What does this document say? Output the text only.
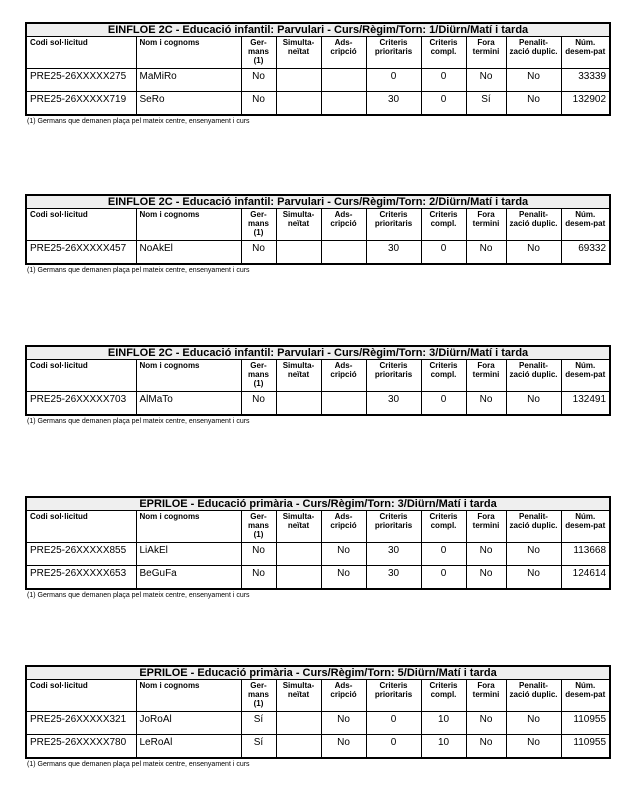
EINFLOE 2C - Educació infantil: Parvulari - Curs/Règim/Torn: 1/Diürn/Matí i tarda									
Codi sol·licitud	Nom i cognoms	Ger-mans (1)	Simulta-neïtat	Ads-cripció	Criteris prioritaris	Criteris compl.	Fora termini	Penalit-zació duplic.	Núm. desem-pat
PRE25-26XXXXX275	MaMiRo	No			0	0	No	No	33339
PRE25-26XXXXX719	SeRo	No			30	0	Sí	No	132902
(1) Germans que demanen plaça pel mateix centre, ensenyament i curs
EINFLOE 2C - Educació infantil: Parvulari - Curs/Règim/Torn: 2/Diürn/Matí i tarda									
Codi sol·licitud	Nom i cognoms	Ger-mans (1)	Simulta-neïtat	Ads-cripció	Criteris prioritaris	Criteris compl.	Fora termini	Penalit-zació duplic.	Núm. desem-pat
PRE25-26XXXXX457	NoAkEl	No			30	0	No	No	69332
(1) Germans que demanen plaça pel mateix centre, ensenyament i curs
EINFLOE 2C - Educació infantil: Parvulari - Curs/Règim/Torn: 3/Diürn/Matí i tarda									
Codi sol·licitud	Nom i cognoms	Ger-mans (1)	Simulta-neïtat	Ads-cripció	Criteris prioritaris	Criteris compl.	Fora termini	Penalit-zació duplic.	Núm. desem-pat
PRE25-26XXXXX703	AlMaTo	No			30	0	No	No	132491
(1) Germans que demanen plaça pel mateix centre, ensenyament i curs
EPRILOE - Educació primària - Curs/Règim/Torn: 3/Diürn/Matí i tarda									
Codi sol·licitud	Nom i cognoms	Ger-mans (1)	Simulta-neïtat	Ads-cripció	Criteris prioritaris	Criteris compl.	Fora termini	Penalit-zació duplic.	Núm. desem-pat
PRE25-26XXXXX855	LiAkEl	No		No	30	0	No	No	113668
PRE25-26XXXXX653	BeGuFa	No		No	30	0	No	No	124614
(1) Germans que demanen plaça pel mateix centre, ensenyament i curs
EPRILOE - Educació primària - Curs/Règim/Torn: 5/Diürn/Matí i tarda									
Codi sol·licitud	Nom i cognoms	Ger-mans (1)	Simulta-neïtat	Ads-cripció	Criteris prioritaris	Criteris compl.	Fora termini	Penalit-zació duplic.	Núm. desem-pat
PRE25-26XXXXX321	JoRoAl	Sí		No	0	10	No	No	110955
PRE25-26XXXXX780	LeRoAl	Sí		No	0	10	No	No	110955
(1) Germans que demanen plaça pel mateix centre, ensenyament i curs
